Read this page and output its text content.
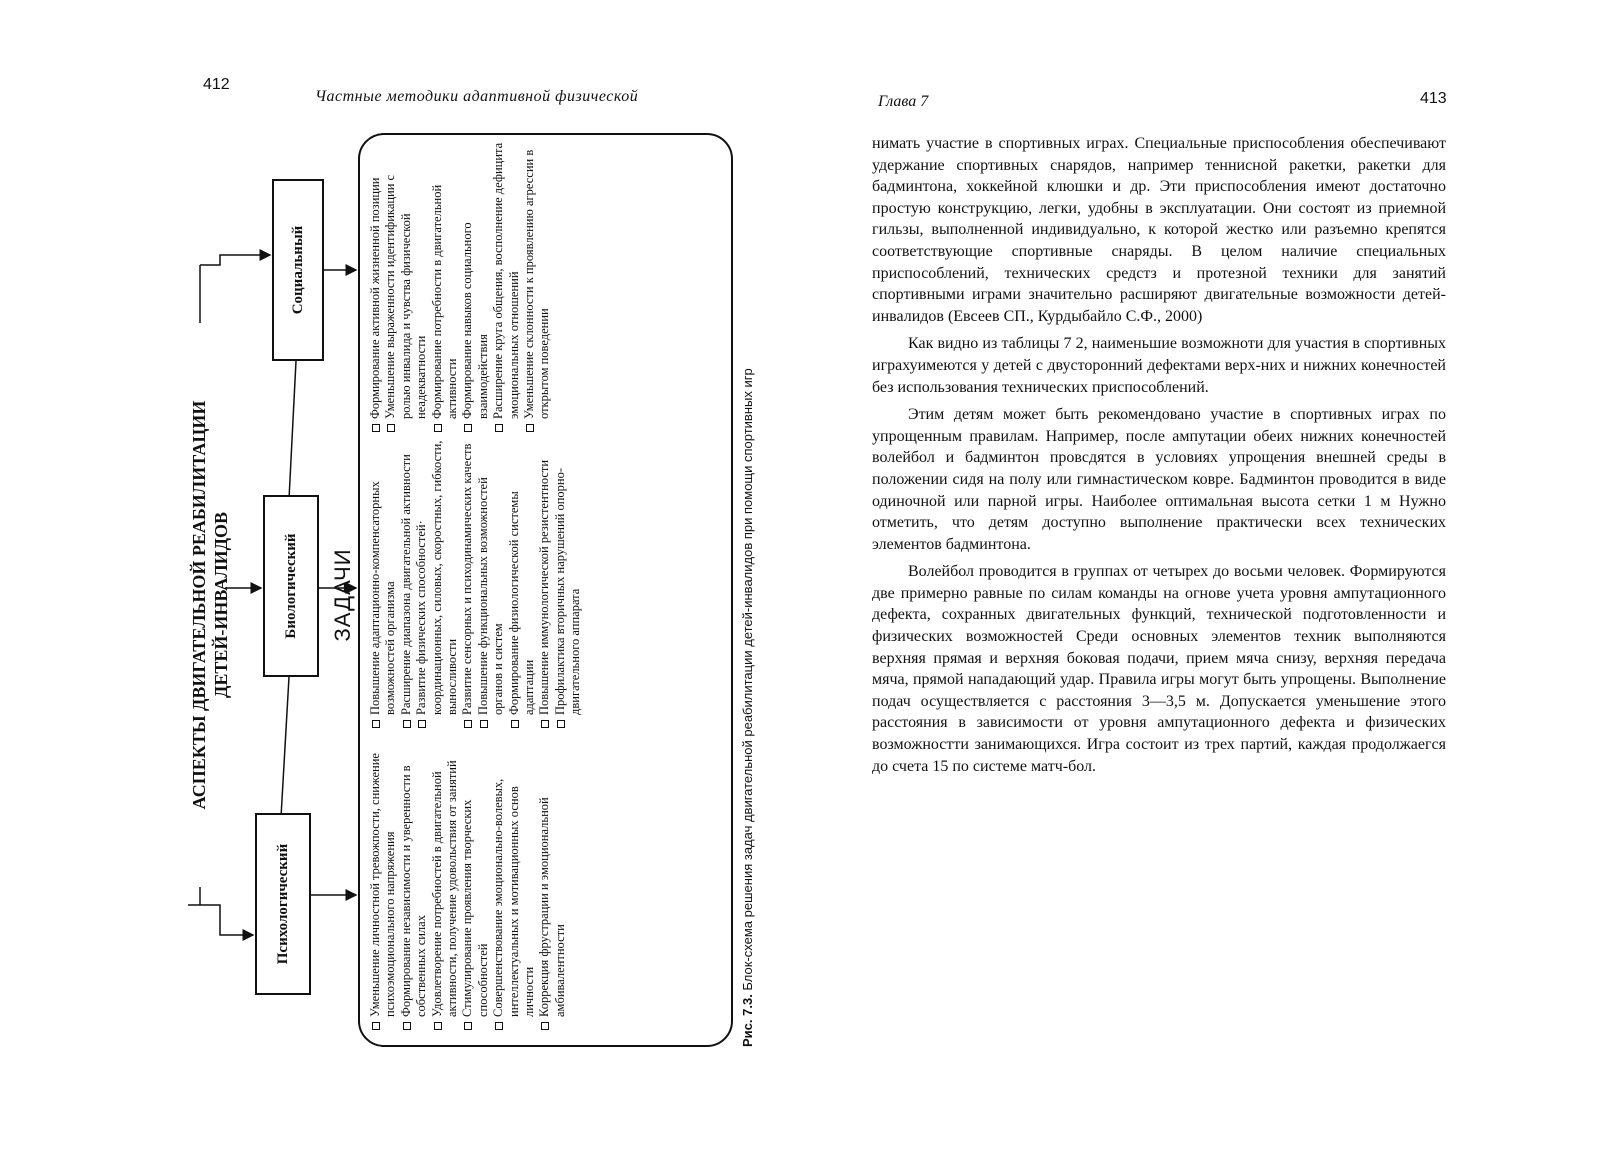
412
Частные методики адаптивной физической	Глава 7	413
АСПЕКТЫ ДВИГАТЕЛЬНОЙ РЕАБИЛИТАЦИИ ДЕТЕЙ-ИНВАЛИДОВ
Психологический
Биологический
Социальный
ЗАДАЧИ
Уменьшение личностной тревожпости, снижение психоэмоционального напряжения Формирование независимости и уверенности в собственных силах Удовлетворение потребностей в двигательной активности, получение удовольствия от занятий Стимулирование проявления творческих способностей Совершенствование эмоционально-волевых, интеллектуальных и мотивационных основ личности Коррекция фрустрации и эмоциональной амбивалентности
Повышение адаптационно-компенсаторных возможностей организма Расширение диапазона двигательной активности Развитие физических способностей· координационных, силовых, скоростных, гибкости, выносливости Развитие сенсорных и психодинамических качеств Повышение функциональных возможностей органов и систем Формирование физиологической системы адаптации Повышение иммунологической резистентности Профилактика вторичных нарушений опорно-двигательного аппарата
Формирование активной жизненной позиции Уменьшение выраженности идентификации с ролью инвалида и чувства физической неадекватности Формирование потребности в двигательной активности Формирование навыков социального взаимодействия Расширение круга общения, восполнение дефицита эмоциональных отношений Уменьшение склонности к проявлению агрессии в открытом поведении
Рис. 7.3. Блок-схема решения задач двигательной реабилитации детей-инвалидов при помощи спортивных игр

нимать участие в спортивных играх. Специальные приспособления обеспечивают удержание спортивных снарядов, например теннисной ракетки, ракетки для бадминтона, хоккейной клюшки и др. Эти приспособления имеют достаточно простую конструкцию, легки, удобны в эксплуатации. Они состоят из приемной гильзы, выполненной индивидуально, к которой жестко или разъемно крепятся соответствующие спортивные снаряды. В целом наличие специальных приспособлений, технических средстз и протезной техники для занятий спортивными играми значительно расширяют двигательные возможности детей-инвалидов (Евсеев СП., Курдыбайло С.Ф., 2000)

Как видно из таблицы 7 2, наименьшие возможноти для участия в спортивных играхуимеются у детей с двусторонний дефектами верх-них и нижних конечностей без использования технических приспособлений.

Этим детям может быть рекомендовано участие в спортивных играх по упрощенным правилам. Например, после ампутации обеих нижних конечностей волейбол и бадминтон провсдятся в условиях упрощения внешней среды в положении сидя на полу или гимнастическом ковре. Бадминтон проводится в виде одиночной или парной игры. Наиболее оптимальная высота сетки 1 м Нужно отметить, что детям доступно выполнение практически всех технических элементов бадминтона.

Волейбол проводится в группах от четырех до восьми человек. Формируются две примерно равные по силам команды на огнове учета уровня ампутационного дефекта, сохранных двигательных функций, технической подготовленности и физических возможностей Среди основных элементов техник выполняются верхняя прямая и верхняя боковая подачи, прием мяча снизу, верхняя передача мяча, прямой нападающий удар. Правила игры могут быть упрощены. Выполнение подач осуществляется с расстояния 3—3,5 м. Допускается уменьшение этого расстояния в зависимости от уровня ампутационного дефекта и физических возможностти занимающихся. Игра состоит из трех партий, каждая продолжаегся до счета 15 по системе матч-бол.
